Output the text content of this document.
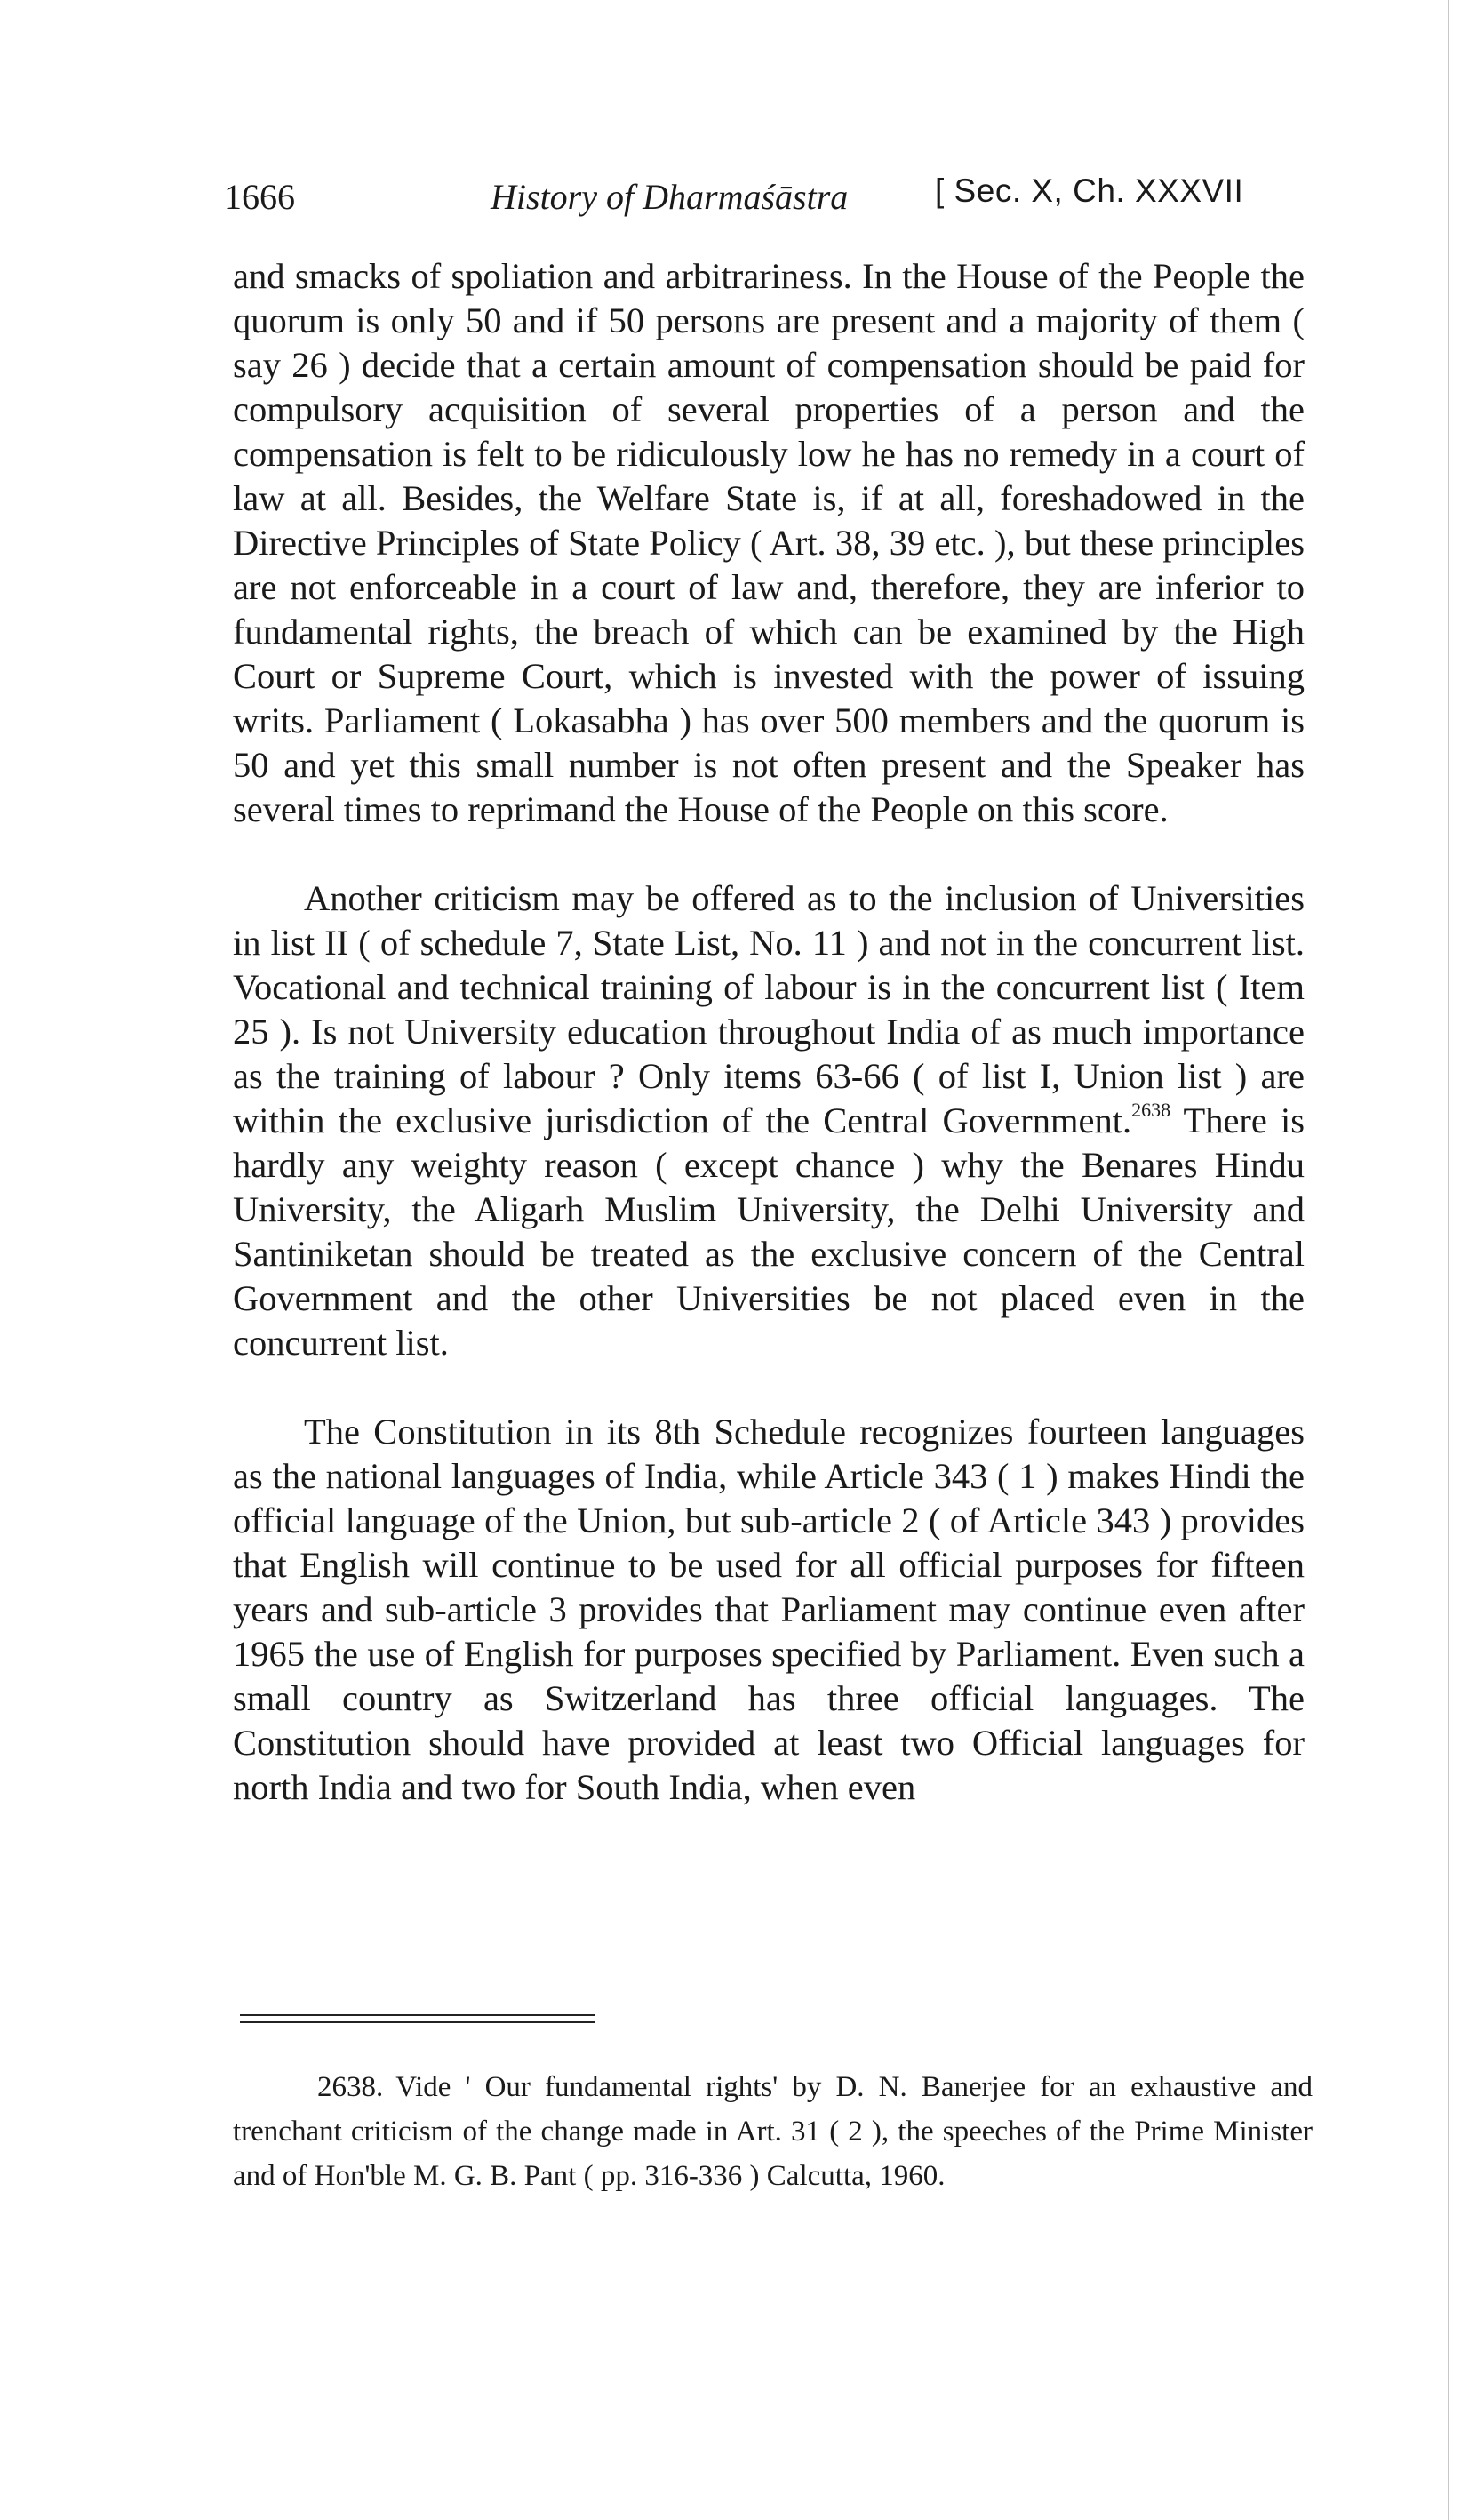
1666	History of Dharmaśāstra	[ Sec. X, Ch. XXXVII

and smacks of spoliation and arbitrariness. In the House of the People the quorum is only 50 and if 50 persons are present and a majority of them ( say 26 ) decide that a certain amount of compensation should be paid for compulsory acquisition of several properties of a person and the compensation is felt to be ridiculously low he has no remedy in a court of law at all. Besides, the Welfare State is, if at all, foreshadowed in the Directive Principles of State Policy ( Art. 38, 39 etc. ), but these principles are not enforceable in a court of law and, therefore, they are inferior to fundamental rights, the breach of which can be examined by the High Court or Supreme Court, which is invested with the power of issuing writs. Parliament ( Lokasabha ) has over 500 members and the quorum is 50 and yet this small number is not often present and the Speaker has several times to reprimand the House of the People on this score.

Another criticism may be offered as to the inclusion of Universities in list II ( of schedule 7, State List, No. 11 ) and not in the concurrent list. Vocational and technical training of labour is in the concurrent list ( Item 25 ). Is not University education throughout India of as much importance as the training of labour ? Only items 63-66 ( of list I, Union list ) are within the exclusive jurisdiction of the Central Government.$^{2638}$ There is hardly any weighty reason ( except chance ) why the Benares Hindu University, the Aligarh Muslim University, the Delhi University and Santiniketan should be treated as the exclusive concern of the Central Government and the other Universities be not placed even in the concurrent list.

The Constitution in its 8th Schedule recognizes fourteen languages as the national languages of India, while Article 343 ( 1 ) makes Hindi the official language of the Union, but sub-article 2 ( of Article 343 ) provides that English will continue to be used for all official purposes for fifteen years and sub-article 3 provides that Parliament may continue even after 1965 the use of English for purposes specified by Parliament. Even such a small country as Switzerland has three official languages. The Constitution should have provided at least two Official languages for north India and two for South India, when even

2638. Vide ' Our fundamental rights' by D. N. Banerjee for an exhaustive and trenchant criticism of the change made in Art. 31 ( 2 ), the speeches of the Prime Minister and of Hon'ble M. G. B. Pant ( pp. 316-336 ) Calcutta, 1960.
